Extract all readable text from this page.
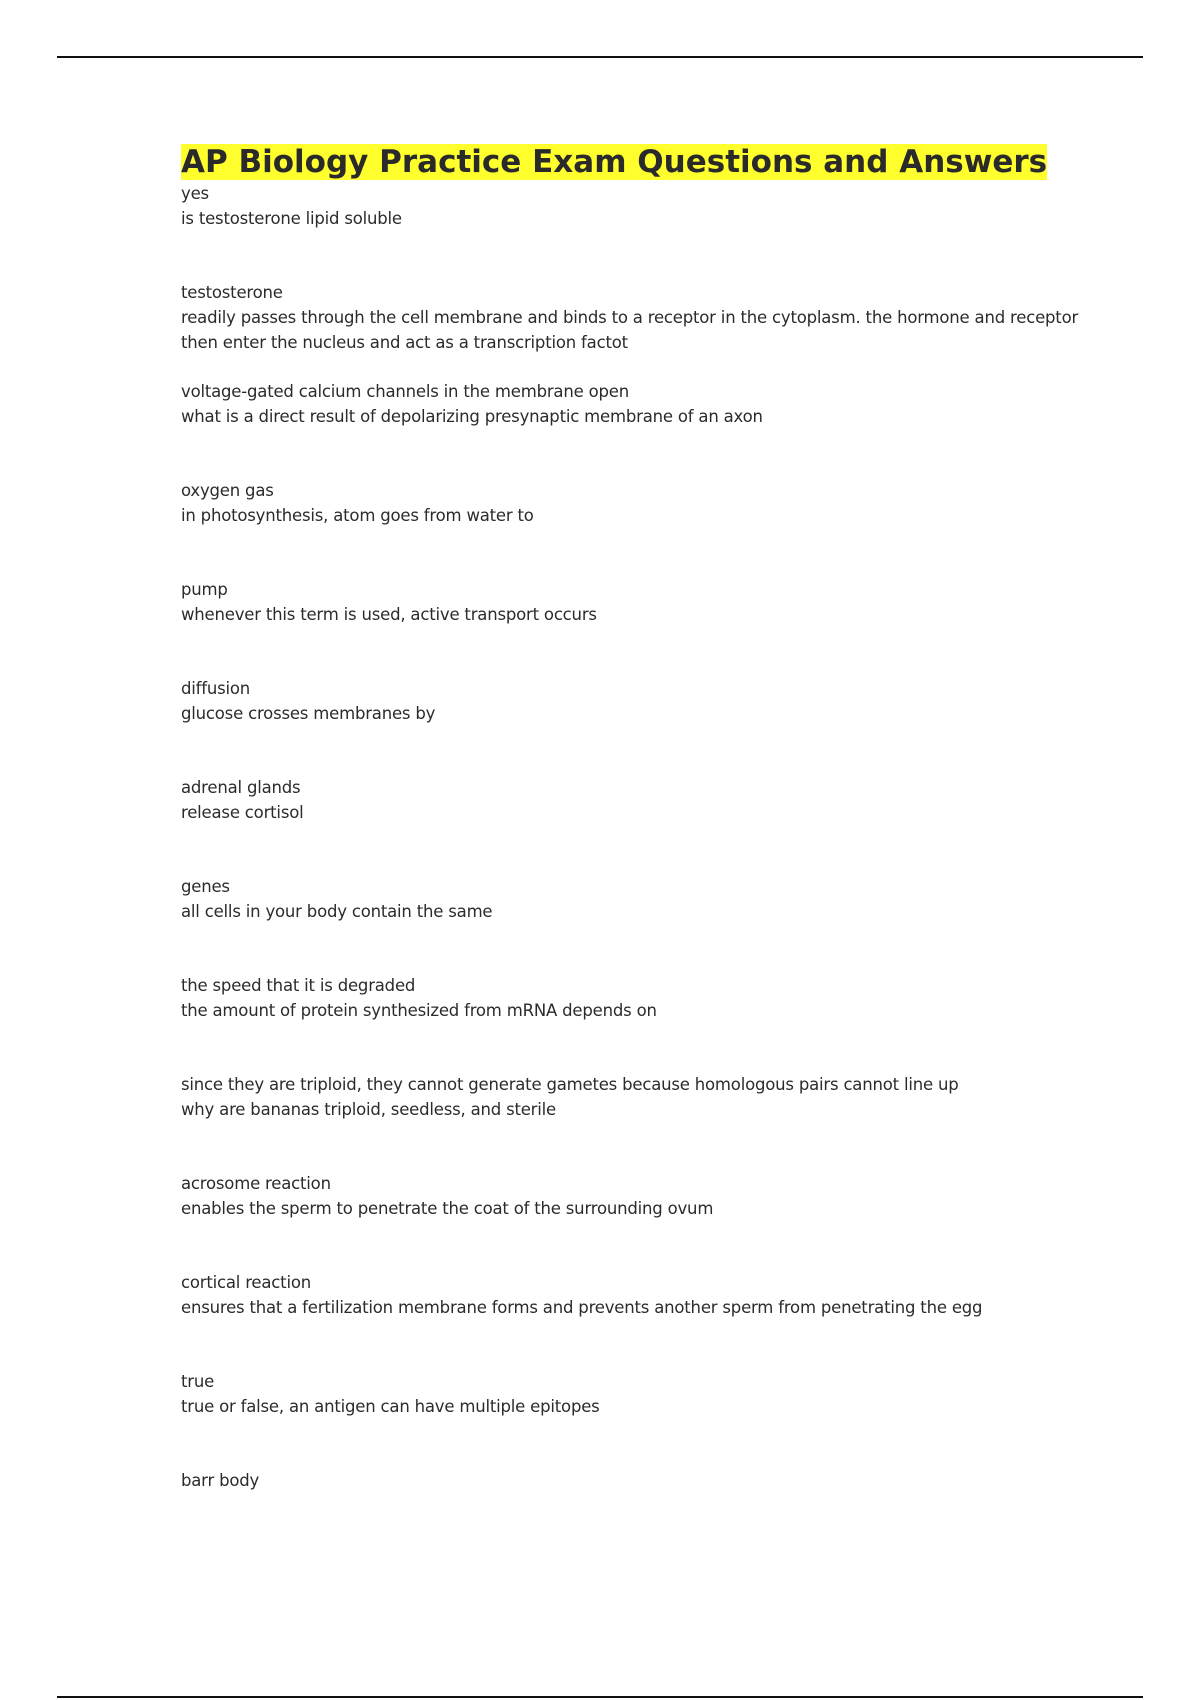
AP Biology Practice Exam Questions and Answers

yes

is testosterone lipid soluble

testosterone

readily passes through the cell membrane and binds to a receptor in the cytoplasm. the hormone and receptor then enter the nucleus and act as a transcription factot

voltage-gated calcium channels in the membrane open

what is a direct result of depolarizing presynaptic membrane of an axon

oxygen gas

in photosynthesis, atom goes from water to

pump

whenever this term is used, active transport occurs

diffusion

glucose crosses membranes by

adrenal glands

release cortisol

genes

all cells in your body contain the same

the speed that it is degraded

the amount of protein synthesized from mRNA depends on

since they are triploid, they cannot generate gametes because homologous pairs cannot line up

why are bananas triploid, seedless, and sterile

acrosome reaction

enables the sperm to penetrate the coat of the surrounding ovum

cortical reaction

ensures that a fertilization membrane forms and prevents another sperm from penetrating the egg

true

true or false, an antigen can have multiple epitopes

barr body
